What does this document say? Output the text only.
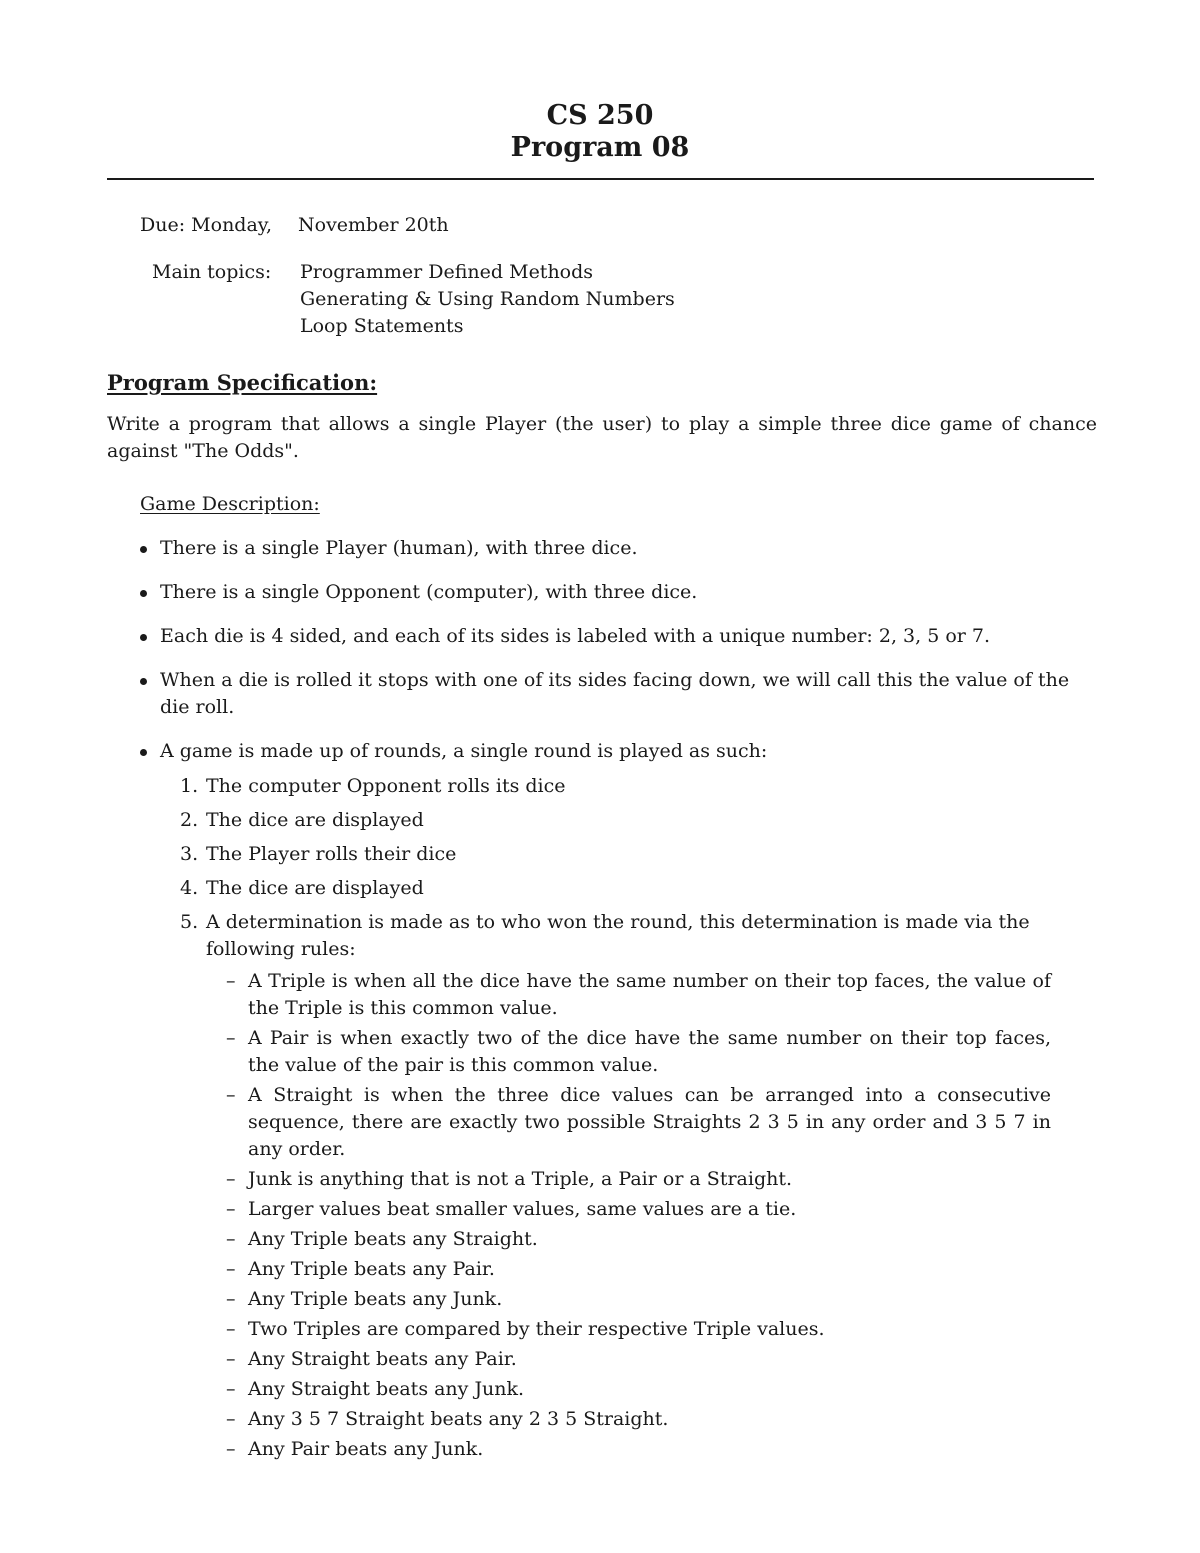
CS 250
Program 08
Due: Monday, November 20th
Main topics: Programmer Defined Methods
Generating & Using Random Numbers
Loop Statements
Program Specification:
Write a program that allows a single Player (the user) to play a simple three dice game of chance against "The Odds".
Game Description:
There is a single Player (human), with three dice.
There is a single Opponent (computer), with three dice.
Each die is 4 sided, and each of its sides is labeled with a unique number: 2, 3, 5 or 7.
When a die is rolled it stops with one of its sides facing down, we will call this the value of the die roll.
A game is made up of rounds, a single round is played as such:
1. The computer Opponent rolls its dice
2. The dice are displayed
3. The Player rolls their dice
4. The dice are displayed
5. A determination is made as to who won the round, this determination is made via the following rules:
– A Triple is when all the dice have the same number on their top faces, the value of the Triple is this common value.
– A Pair is when exactly two of the dice have the same number on their top faces, the value of the pair is this common value.
– A Straight is when the three dice values can be arranged into a consecutive sequence, there are exactly two possible Straights 2 3 5 in any order and 3 5 7 in any order.
– Junk is anything that is not a Triple, a Pair or a Straight.
– Larger values beat smaller values, same values are a tie.
– Any Triple beats any Straight.
– Any Triple beats any Pair.
– Any Triple beats any Junk.
– Two Triples are compared by their respective Triple values.
– Any Straight beats any Pair.
– Any Straight beats any Junk.
– Any 3 5 7 Straight beats any 2 3 5 Straight.
– Any Pair beats any Junk.
